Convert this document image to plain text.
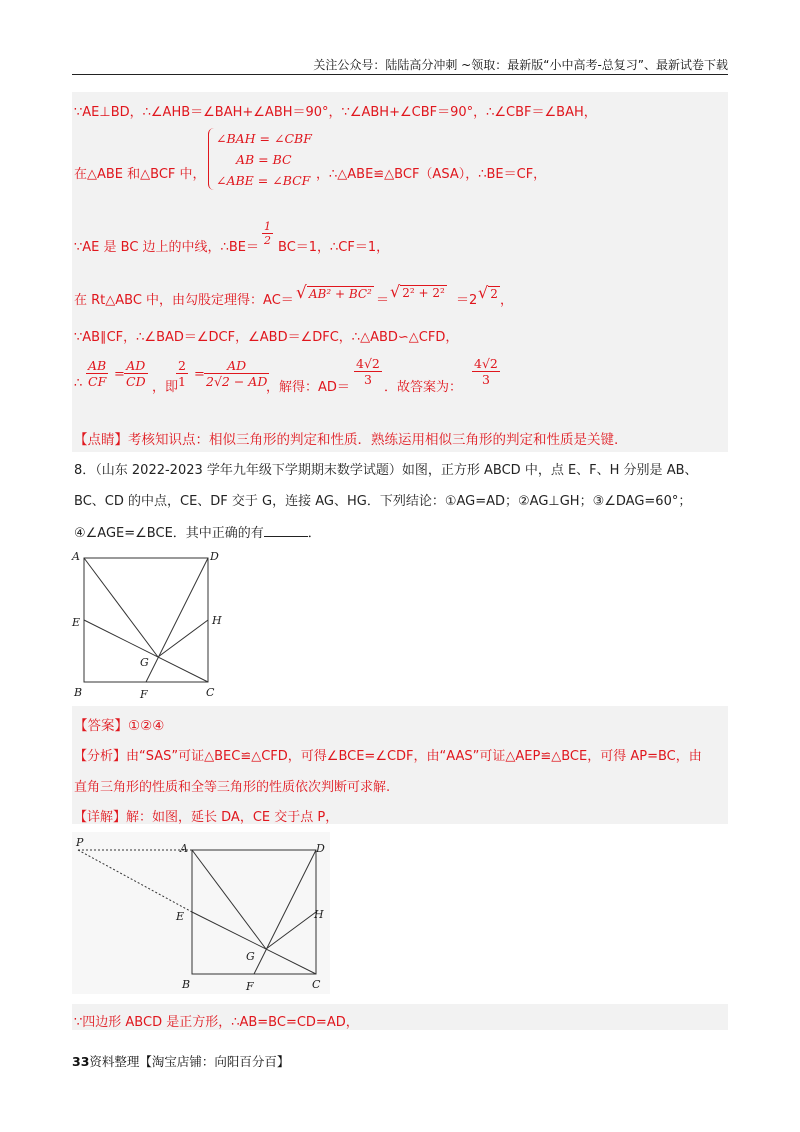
关注公众号：陆陆高分冲刺 ~领取：最新版“小中高考-总复习”、最新试卷下载
∵AE⊥BD，∴∠AHB＝∠BAH+∠ABH＝90°，∵∠ABH+∠CBF＝90°，∴∠CBF＝∠BAH，
在△ABE 和△BCF 中，
∠BAH = ∠CBF
AB = BC
∠ABE = ∠BCF ，∴△ABE≌△BCF（ASA），∴BE＝CF，
∵AE 是 BC 边上的中线，∴BE＝
$\frac{1}{2}$
BC＝1，∴CF＝1，
在 Rt△ABC 中，由勾股定理得：AC＝ √ AB² + BC² ＝ √ 2² + 2² ＝2 √ 2 ，
∵AB∥CF，∴∠BAD＝∠DCF，∠ABD＝∠DFC，∴△ABD∽△CFD，
∴ $\frac{AB}{CF} = \frac{AD}{CD}$ ，即
$\frac{2}{1} = \frac{AD}{2√2 - AD}$
，解得：AD＝
$\frac{4√2}{3}$
．故答案为：
$\frac{4√2}{3}$
【点睛】考核知识点：相似三角形的判定和性质．熟练运用相似三角形的判定和性质是关键.
8．（山东 2022-2023 学年九年级下学期期末数学试题）如图，正方形 ABCD 中，点 E、F、H 分别是 AB、
BC、CD 的中点，CE、DF 交于 G，连接 AG、HG．下列结论：①AG=AD；②AG⊥GH；③∠DAG=60°；
④∠AGE=∠BCE．其中正确的有	．
A	D
E	H
G
B	F	C
【答案】①②④
【分析】由“SAS”可证△BEC≌△CFD，可得∠BCE=∠CDF，由“AAS”可证△AEP≌△BCE，可得 AP=BC，由
直角三角形的性质和全等三角形的性质依次判断可求解.
【详解】解：如图，延长 DA，CE 交于点 P，
P	A	D
E	H
G
B	F	C
∵四边形 ABCD 是正方形，∴AB=BC=CD=AD，
33资料整理【淘宝店铺：向阳百分百】
